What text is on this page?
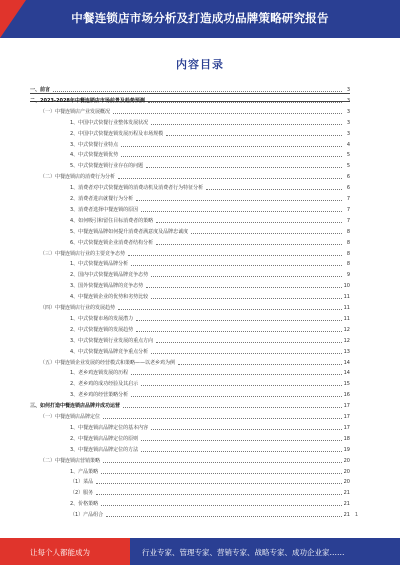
中餐连锁店市场分析及打造成功品牌策略研究报告
内容目录
一、前言	3
二、2023-2028年中餐连锁店市场前景及趋势预测	3
（一）中餐连锁店产业发展概况	3
1、中国中式快餐行业整体发展状况	3
2、中国中式快餐连锁发展历程及市场规模	3
3、中式快餐行业特点	4
4、中式快餐连锁优势	5
5、中式快餐连锁行业存在的问题	5
（二）中餐连锁店的消费行为分析	6
1、消费者对中式快餐连锁的消费动机及消费者行为特征分析	6
2、消费者进店就餐行为分析	7
3、消费者选择中餐连锁的原因	7
4、如何吸引和留住目标消费者的策略	7
5、中餐连锁品牌如何提升消费者满意度及品牌忠诚度	8
6、中式快餐连锁企业消费者结构分析	8
（三）中餐连锁店行业的主要竞争态势	8
1、中式快餐连锁品牌分析	8
2、国内中式快餐连锁品牌竞争态势	9
3、国外快餐连锁品牌的竞争态势	10
4、中餐连锁企业的优势和劣势比较	11
（四）中餐连锁店行业的发展趋势	11
1、中式快餐市场的发展潜力	11
2、中式快餐连锁的发展趋势	12
3、中式快餐连锁行业发展的重点方向	12
4、中式快餐连锁品牌竞争重点分析	13
（五）中餐连锁企业发展的经营模式和策略——以老乡鸡为例	14
1、老乡鸡连锁发展的历程	14
2、老乡鸡的成功经验及其启示	15
3、老乡鸡的经营策略分析	16
三、如何打造中餐连锁店品牌并成功运营	17
（一）中餐连锁店品牌定位	17
1、中餐连锁店品牌定位的基本内容	17
2、中餐连锁店品牌定位的原则	18
3、中餐连锁店品牌定位的方法	19
（二）中餐连锁店营销策略	20
1、产品策略	20
（1）菜品	20
（2）服务	21
2、价格策略	21
（1）产品组合	21 1
让每个人都能成为	行业专家、管理专家、营销专家、战略专家、成功企业家……
